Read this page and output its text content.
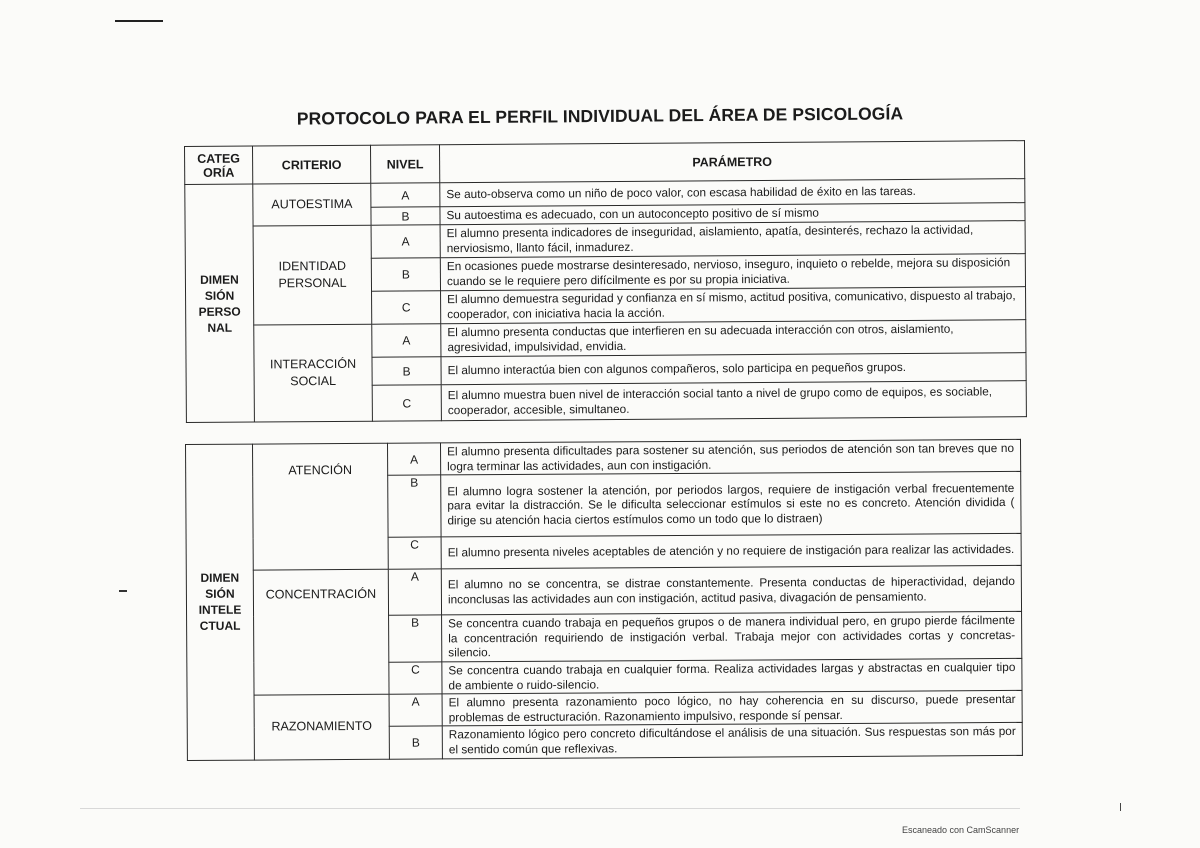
PROTOCOLO PARA EL PERFIL INDIVIDUAL DEL ÁREA DE PSICOLOGÍA
CATEG ORÍA	CRITERIO	NIVEL	PARÁMETRO
DIMEN SIÓN PERSO NAL	AUTOESTIMA	A	Se auto-observa como un niño de poco valor, con escasa habilidad de éxito en las tareas.
		B	Su autoestima es adecuado, con un autoconcepto positivo de sí mismo
	IDENTIDAD PERSONAL	A	El alumno presenta indicadores de inseguridad, aislamiento, apatía, desinterés, rechazo la actividad, nerviosismo, llanto fácil, inmadurez.
		B	En ocasiones puede mostrarse desinteresado, nervioso, inseguro, inquieto o rebelde, mejora su disposición cuando se le requiere pero difícilmente es por su propia iniciativa.
		C	El alumno demuestra seguridad y confianza en sí mismo, actitud positiva, comunicativo, dispuesto al trabajo, cooperador, con iniciativa hacia la acción.
	INTERACCIÓN SOCIAL	A	El alumno presenta conductas que interfieren en su adecuada interacción con otros, aislamiento, agresividad, impulsividad, envidia.
		B	El alumno interactúa bien con algunos compañeros, solo participa en pequeños grupos.
		C	El alumno muestra buen nivel de interacción social tanto a nivel de grupo como de equipos, es sociable, cooperador, accesible, simultaneo.
DIMEN SIÓN INTELE CTUAL	ATENCIÓN	A	El alumno presenta dificultades para sostener su atención, sus periodos de atención son tan breves que no logra terminar las actividades, aun con instigación.
		B	El alumno logra sostener la atención, por periodos largos, requiere de instigación verbal frecuentemente para evitar la distracción. Se le dificulta seleccionar estímulos si este no es concreto. Atención dividida ( dirige su atención hacia ciertos estímulos como un todo que lo distraen)
		C	El alumno presenta niveles aceptables de atención y no requiere de instigación para realizar las actividades.
	CONCENTRACIÓN	A	El alumno no se concentra, se distrae constantemente. Presenta conductas de hiperactividad, dejando inconclusas las actividades aun con instigación, actitud pasiva, divagación de pensamiento.
		B	Se concentra cuando trabaja en pequeños grupos o de manera individual pero, en grupo pierde fácilmente la concentración requiriendo de instigación verbal. Trabaja mejor con actividades cortas y concretas-silencio.
		C	Se concentra cuando trabaja en cualquier forma. Realiza actividades largas y abstractas en cualquier tipo de ambiente o ruido-silencio.
	RAZONAMIENTO	A	El alumno presenta razonamiento poco lógico, no hay coherencia en su discurso, puede presentar problemas de estructuración. Razonamiento impulsivo, responde sí pensar.
		B	Razonamiento lógico pero concreto dificultándose el análisis de una situación. Sus respuestas son más por el sentido común que reflexivas.
Escaneado con CamScanner
